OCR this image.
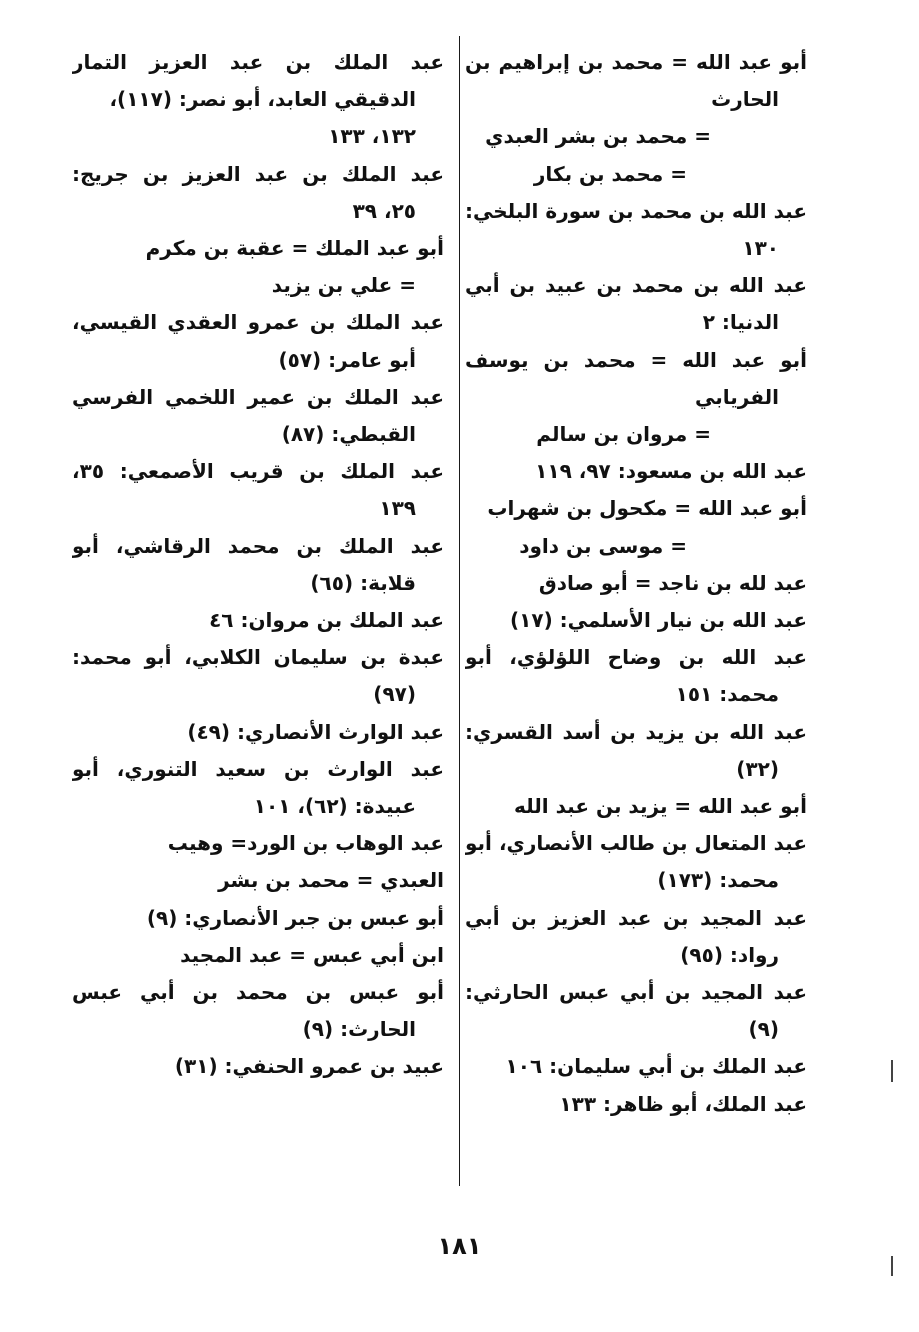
أبو عبد الله = محمد بن إبراهيم بن
الحارث
= محمد بن بشر العبدي
= محمد بن بكار
عبد الله بن محمد بن سورة البلخي:
١٣٠
عبد الله بن محمد بن عبيد بن أبي
الدنيا: ٢
أبو عبد الله = محمد بن يوسف
الفريابي
= مروان بن سالم
عبد الله بن مسعود: ٩٧، ١١٩
أبو عبد الله = مكحول بن شهراب
= موسى بن داود
عبد لله بن ناجد = أبو صادق
عبد الله بن نيار الأسلمي: (١٧)
عبد الله بن وضاح اللؤلؤي، أبو
محمد: ١٥١
عبد الله بن يزيد بن أسد القسري:
(٣٢)
أبو عبد الله = يزيد بن عبد الله
عبد المتعال بن طالب الأنصاري، أبو
محمد: (١٧٣)
عبد المجيد بن عبد العزيز بن أبي
رواد: (٩٥)
عبد المجيد بن أبي عبس الحارثي:
(٩)
عبد الملك بن أبي سليمان: ١٠٦
عبد الملك، أبو ظاهر: ١٣٣
عبد الملك بن عبد العزيز التمار
الدقيقي العابد، أبو نصر: (١١٧)،
١٣٢، ١٣٣
عبد الملك بن عبد العزيز بن جريج:
٢٥، ٣٩
أبو عبد الملك = عقبة بن مكرم
= علي بن يزيد
عبد الملك بن عمرو العقدي القيسي،
أبو عامر: (٥٧)
عبد الملك بن عمير اللخمي الفرسي
القبطي: (٨٧)
عبد الملك بن قريب الأصمعي: ٣٥،
١٣٩
عبد الملك بن محمد الرقاشي، أبو
قلابة: (٦٥)
عبد الملك بن مروان: ٤٦
عبدة بن سليمان الكلابي، أبو محمد:
(٩٧)
عبد الوارث الأنصاري: (٤٩)
عبد الوارث بن سعيد التنوري، أبو
عبيدة: (٦٢)، ١٠١
عبد الوهاب بن الورد= وهيب
العبدي = محمد بن بشر
أبو عبس بن جبر الأنصاري: (٩)
ابن أبي عبس = عبد المجيد
أبو عبس بن محمد بن أبي عبس
الحارث: (٩)
عبيد بن عمرو الحنفي: (٣١)
١٨١
